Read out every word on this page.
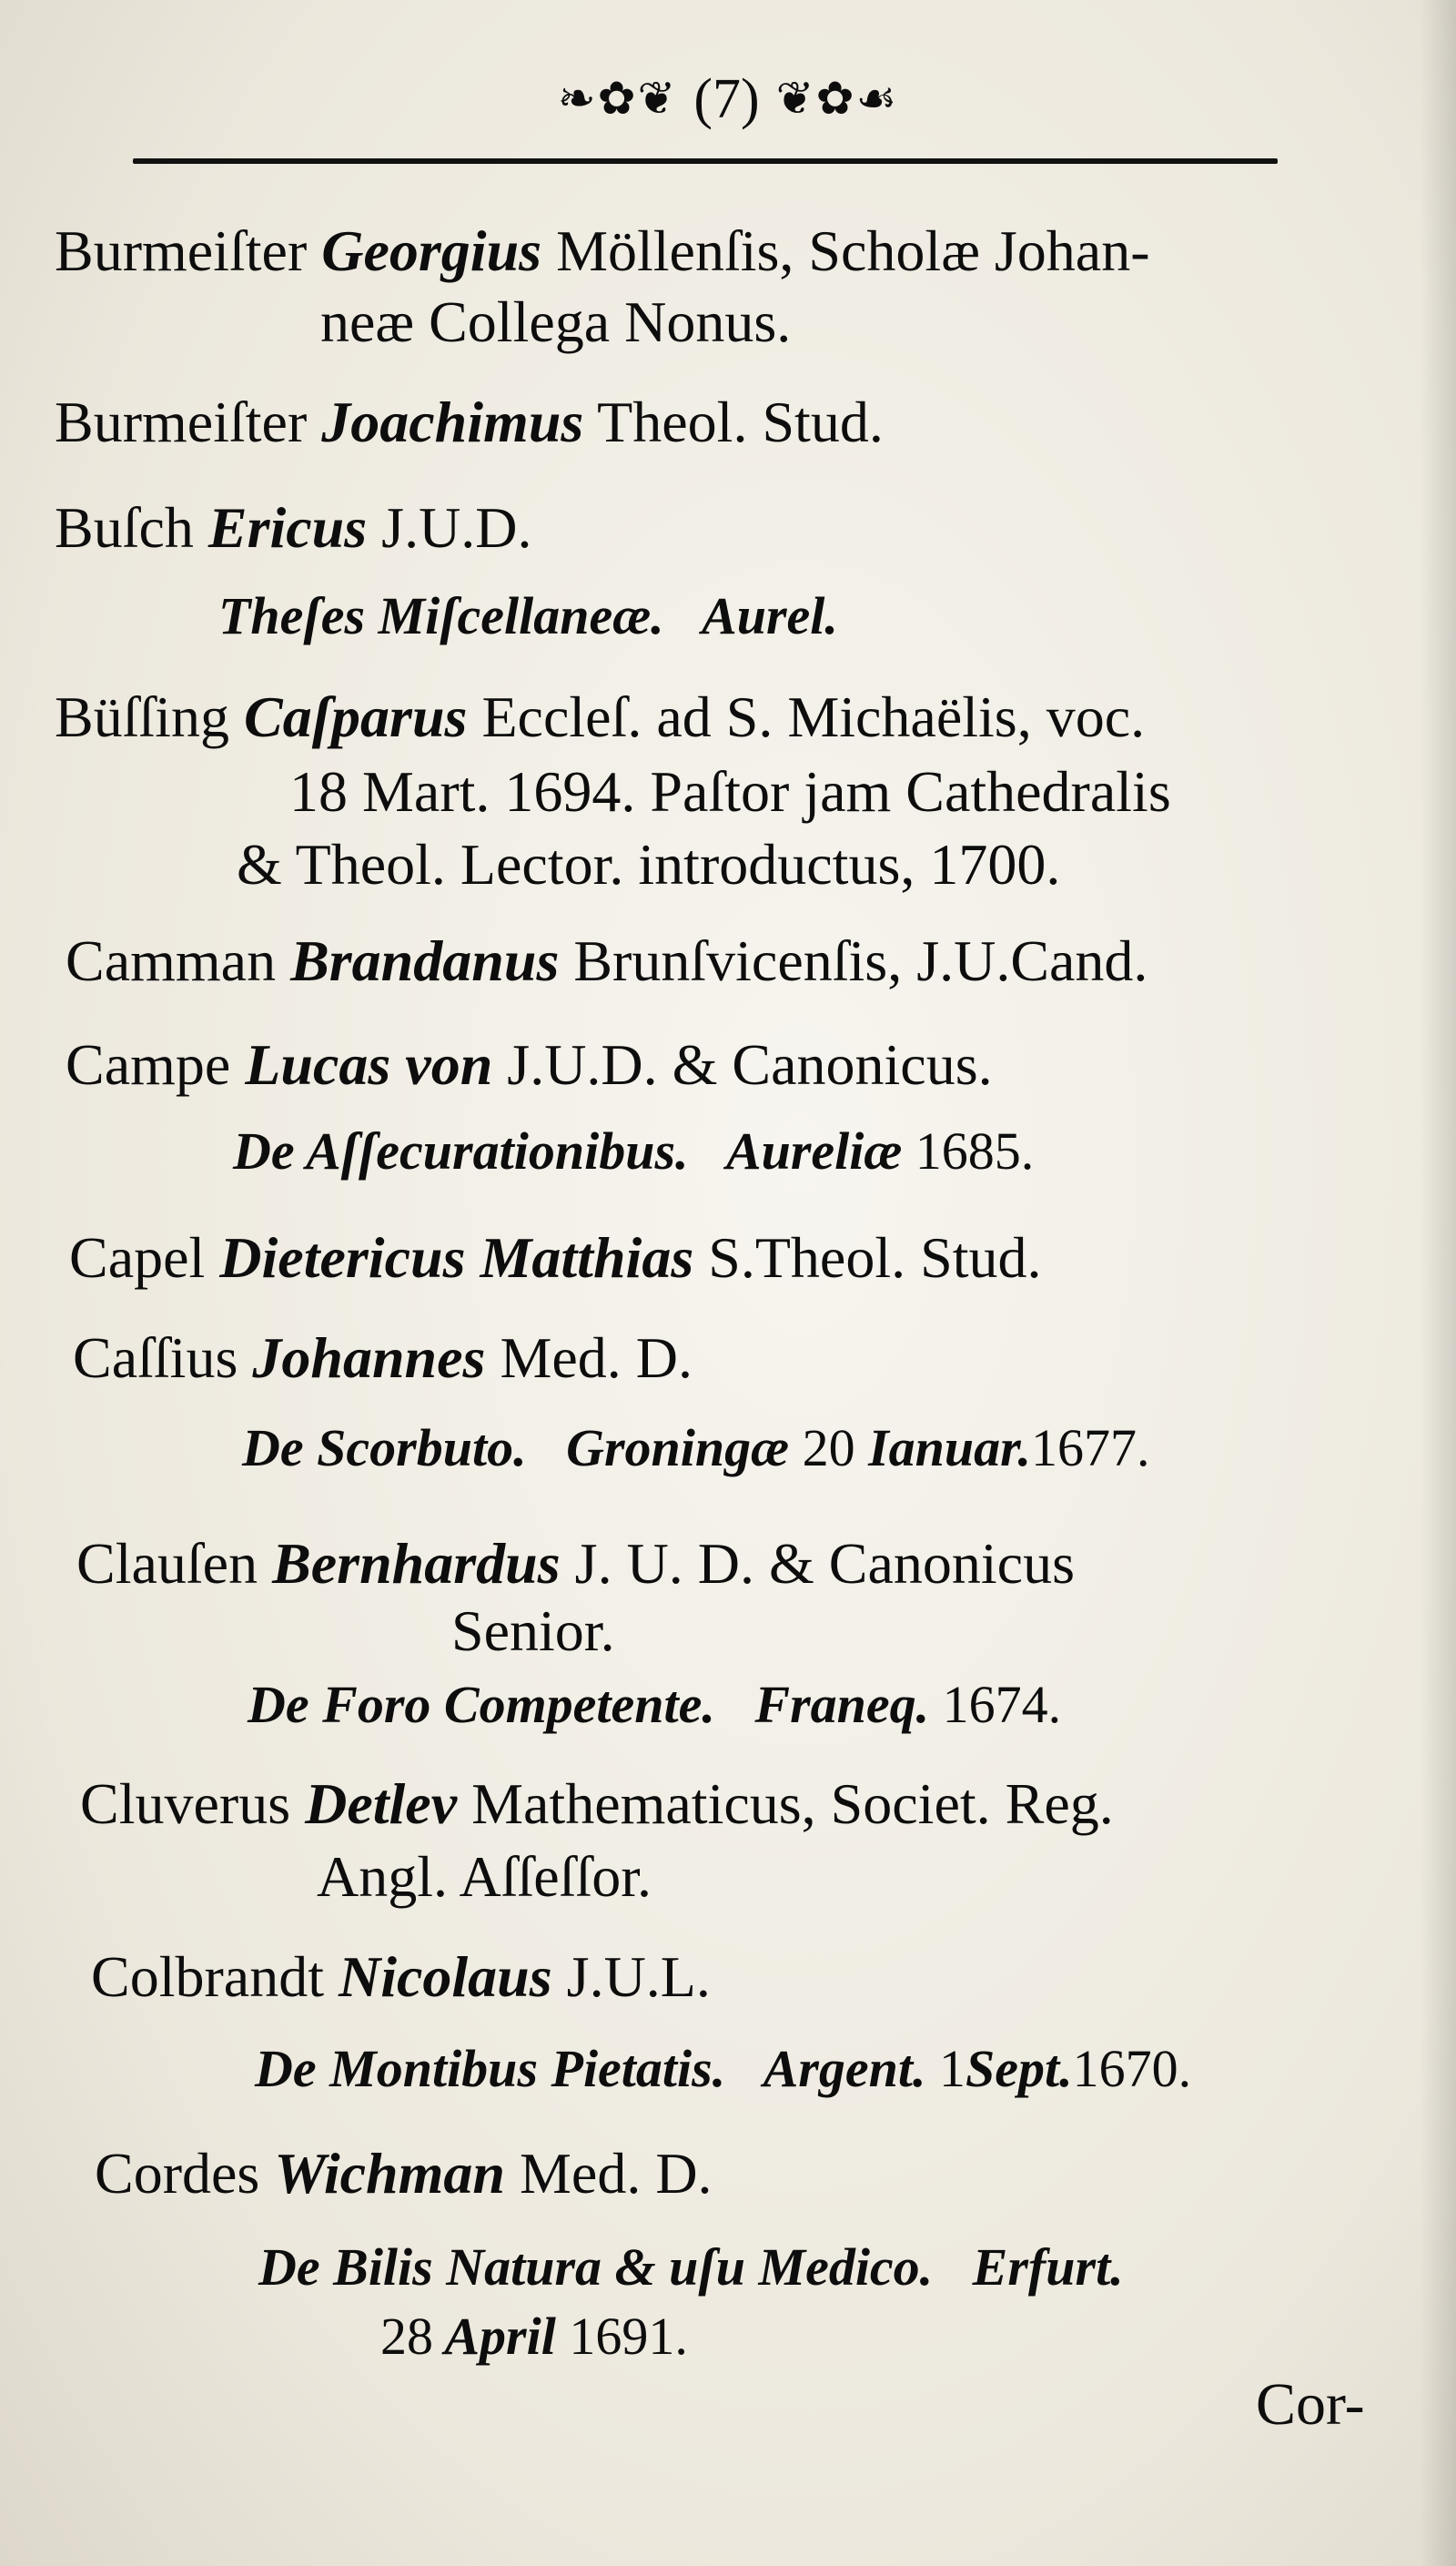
❧✿❦ (7) ❦✿☙
Burmeiſter Georgius Möllenſis, Scholæ Johan-
neæ Collega Nonus.
Burmeiſter Joachimus Theol. Stud.
Buſch Ericus J.U.D.
Theſes Miſcellaneæ. Aurel.
Büſſing Caſparus Eccleſ. ad S. Michaëlis, voc.
18 Mart. 1694. Paſtor jam Cathedralis
& Theol. Lector. introductus, 1700.
Camman Brandanus Brunſvicenſis, J.U.Cand.
Campe Lucas von J.U.D. & Canonicus.
De Aſſecurationibus. Aureliæ 1685.
Capel Dietericus Matthias S.Theol. Stud.
Caſſius Johannes Med. D.
De Scorbuto. Groningæ 20 Ianuar.1677.
Clauſen Bernhardus J. U. D. & Canonicus
Senior.
De Foro Competente. Franeq. 1674.
Cluverus Detlev Mathematicus, Societ. Reg.
Angl. Aſſeſſor.
Colbrandt Nicolaus J.U.L.
De Montibus Pietatis. Argent. 1Sept.1670.
Cordes Wichman Med. D.
De Bilis Natura & uſu Medico. Erfurt.
28 April 1691.
Cor-
